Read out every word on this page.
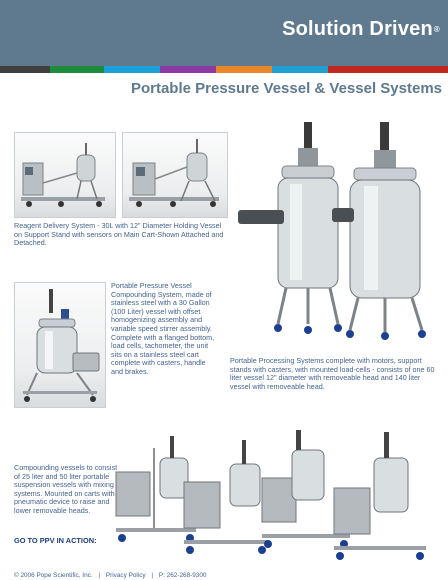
Solution Driven®
Portable Pressure Vessel & Vessel Systems
Reagent Delivery System - 30L with 12" Diameter Holding Vessel on Support Stand with sensors on Main Cart-Shown Attached and Detached.
Portable Pressure Vessel Compounding System, made of stainless steel with a 30 Gallon (100 Liter) vessel with offset homogenizing assembly and variable speed stirrer assembly. Complete with a flanged bottom, load cells, tachometer, the unit sits on a stainless steel cart complete with casters, handle and brakes.
Portable Processing Systems complete with motors, support stands with casters, with mounted load-cells - consists of one 60 liter vessel 12" diameter with removeable head and 140 liter vessel with removeable head.
Compounding vessels to consist of 25 liter and 50 liter portable suspension vessels with mixing systems. Mounted on carts with pneumatic device to raise and lower removable heads.
GO TO PPV IN ACTION:
© 2006 Pope Scientific, Inc. | Privacy Policy | P: 262-268-9300
